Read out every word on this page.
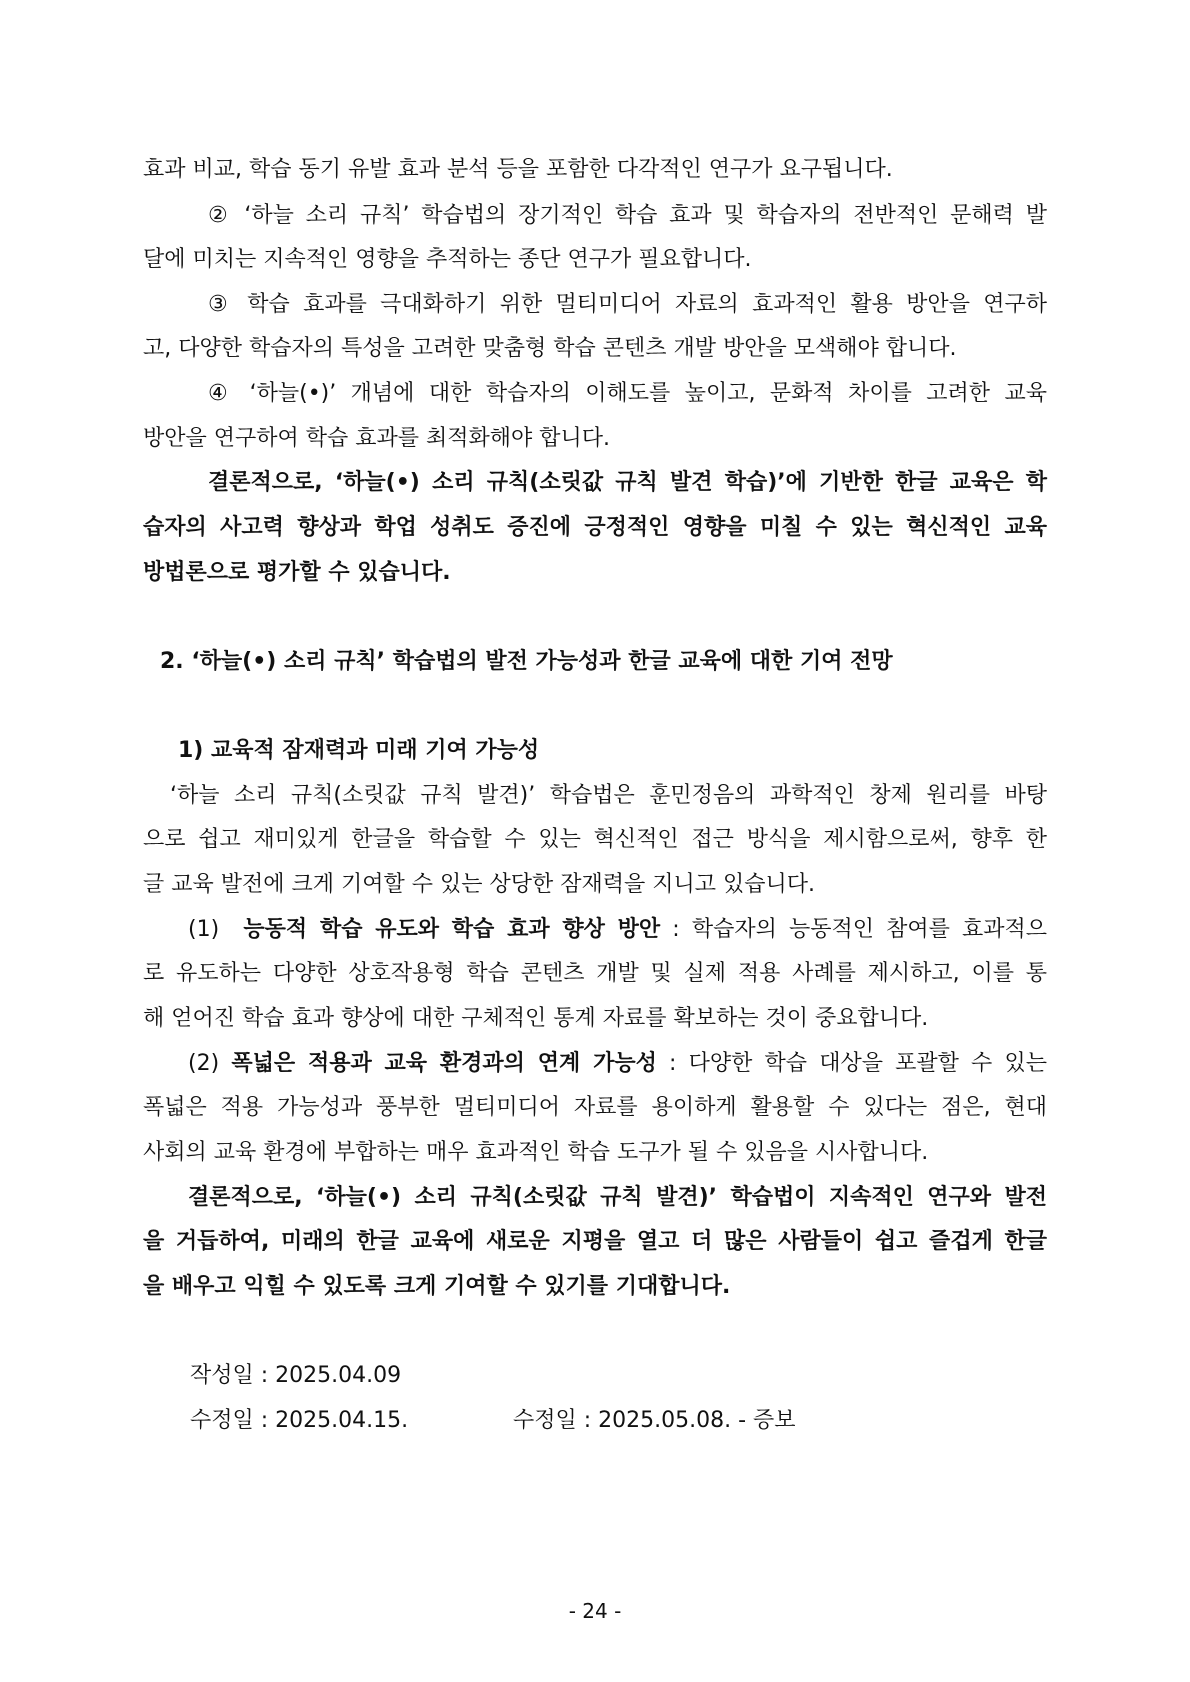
효과 비교, 학습 동기 유발 효과 분석 등을 포함한 다각적인 연구가 요구됩니다.
② ‘하늘 소리 규칙’ 학습법의 장기적인 학습 효과 및 학습자의 전반적인 문해력 발
달에 미치는 지속적인 영향을 추적하는 종단 연구가 필요합니다.
③ 학습 효과를 극대화하기 위한 멀티미디어 자료의 효과적인 활용 방안을 연구하
고, 다양한 학습자의 특성을 고려한 맞춤형 학습 콘텐츠 개발 방안을 모색해야 합니다.
④ ‘하늘(•)’ 개념에 대한 학습자의 이해도를 높이고, 문화적 차이를 고려한 교육
방안을 연구하여 학습 효과를 최적화해야 합니다.
결론적으로, ‘하늘(•) 소리 규칙(소릿값 규칙 발견 학습)’에 기반한 한글 교육은 학
습자의 사고력 향상과 학업 성취도 증진에 긍정적인 영향을 미칠 수 있는 혁신적인 교육
방법론으로 평가할 수 있습니다.
2. ‘하늘(•) 소리 규칙’ 학습법의 발전 가능성과 한글 교육에 대한 기여 전망
1) 교육적 잠재력과 미래 기여 가능성
‘하늘 소리 규칙(소릿값 규칙 발견)’ 학습법은 훈민정음의 과학적인 창제 원리를 바탕
으로 쉽고 재미있게 한글을 학습할 수 있는 혁신적인 접근 방식을 제시함으로써, 향후 한
글 교육 발전에 크게 기여할 수 있는 상당한 잠재력을 지니고 있습니다.
(1) 능동적 학습 유도와 학습 효과 향상 방안 : 학습자의 능동적인 참여를 효과적으
로 유도하는 다양한 상호작용형 학습 콘텐츠 개발 및 실제 적용 사례를 제시하고, 이를 통
해 얻어진 학습 효과 향상에 대한 구체적인 통계 자료를 확보하는 것이 중요합니다.
(2) 폭넓은 적용과 교육 환경과의 연계 가능성 : 다양한 학습 대상을 포괄할 수 있는
폭넓은 적용 가능성과 풍부한 멀티미디어 자료를 용이하게 활용할 수 있다는 점은, 현대
사회의 교육 환경에 부합하는 매우 효과적인 학습 도구가 될 수 있음을 시사합니다.
결론적으로, ‘하늘(•) 소리 규칙(소릿값 규칙 발견)’ 학습법이 지속적인 연구와 발전
을 거듭하여, 미래의 한글 교육에 새로운 지평을 열고 더 많은 사람들이 쉽고 즐겁게 한글
을 배우고 익힐 수 있도록 크게 기여할 수 있기를 기대합니다.
작성일 : 2025.04.09
수정일 : 2025.04.15.	수정일 : 2025.05.08. - 증보
- 24 -
